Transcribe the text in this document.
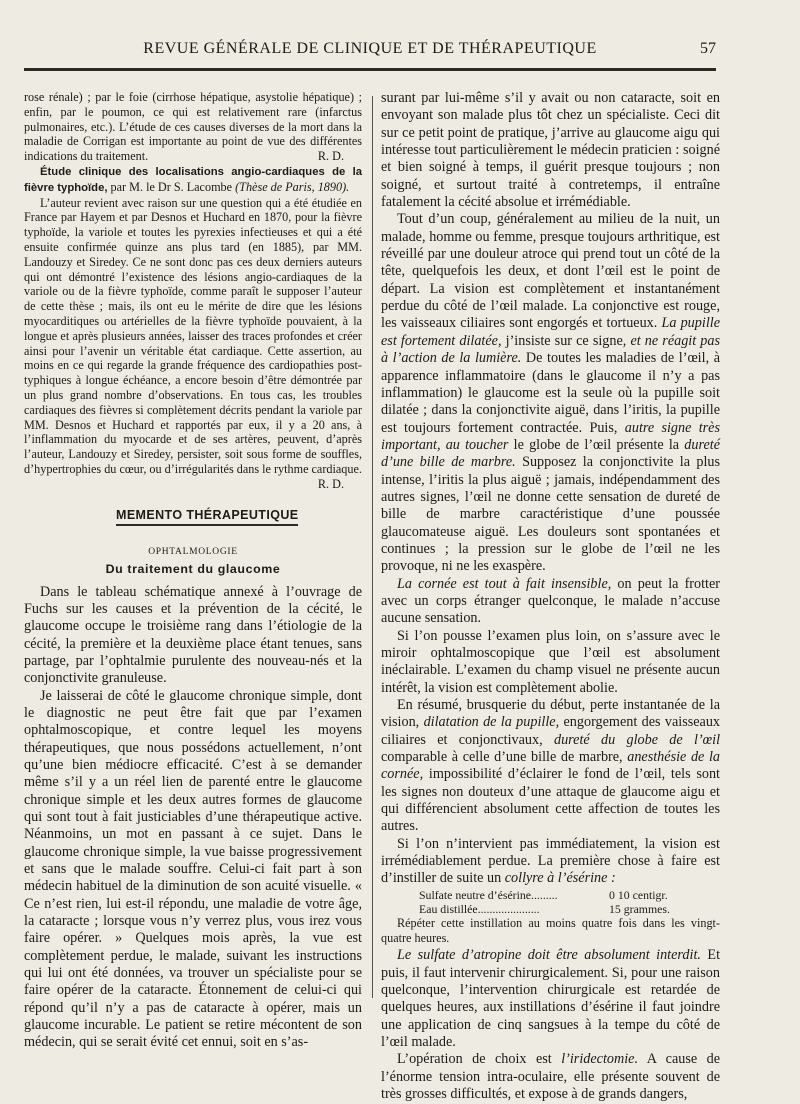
REVUE GÉNÉRALE DE CLINIQUE ET DE THÉRAPEUTIQUE	57

rose rénale) ; par le foie (cirrhose hépatique, asystolie hépatique) ; enfin, par le poumon, ce qui est relativement rare (infarctus pulmonaires, etc.). L’étude de ces causes diverses de la mort dans la maladie de Corrigan est importante au point de vue des différentes indications du traitement.	R. D.

Étude clinique des localisations angio-cardiaques de la fièvre typhoïde, par M. le Dr S. Lacombe (Thèse de Paris, 1890).

L’auteur revient avec raison sur une question qui a été étudiée en France par Hayem et par Desnos et Huchard en 1870, pour la fièvre typhoïde, la variole et toutes les pyrexies infectieuses et qui a été ensuite confirmée quinze ans plus tard (en 1885), par MM. Landouzy et Siredey. Ce ne sont donc pas ces deux derniers auteurs qui ont démontré l’existence des lésions angio-cardiaques de la variole ou de la fièvre typhoïde, comme paraît le supposer l’auteur de cette thèse ; mais, ils ont eu le mérite de dire que les lésions myocarditiques ou artérielles de la fièvre typhoïde pouvaient, à la longue et après plusieurs années, laisser des traces profondes et créer ainsi pour l’avenir un véritable état cardiaque. Cette assertion, au moins en ce qui regarde la grande fréquence des cardiopathies post-typhiques à longue échéance, a encore besoin d’être démontrée par un plus grand nombre d’observations. En tous cas, les troubles cardiaques des fièvres si complètement décrits pendant la variole par MM. Desnos et Huchard et rapportés par eux, il y a 20 ans, à l’inflammation du myocarde et de ses artères, peuvent, d’après l’auteur, Landouzy et Siredey, persister, soit sous forme de souffles, d’hypertrophies du cœur, ou d’irrégularités dans le rythme cardiaque.
R. D.

MEMENTO THÉRAPEUTIQUE
OPHTALMOLOGIE
Du traitement du glaucome

Dans le tableau schématique annexé à l’ouvrage de Fuchs sur les causes et la prévention de la cécité, le glaucome occupe le troisième rang dans l’étiologie de la cécité, la première et la deuxième place étant tenues, sans partage, par l’ophtalmie purulente des nouveau-nés et la conjonctivite granuleuse.

Je laisserai de côté le glaucome chronique simple, dont le diagnostic ne peut être fait que par l’examen ophtalmoscopique, et contre lequel les moyens thérapeutiques, que nous possédons actuellement, n’ont qu’une bien médiocre efficacité. C’est à se demander même s’il y a un réel lien de parenté entre le glaucome chronique simple et les deux autres formes de glaucome qui sont tout à fait justiciables d’une thérapeutique active. Néanmoins, un mot en passant à ce sujet. Dans le glaucome chronique simple, la vue baisse progressivement et sans que le malade souffre. Celui-ci fait part à son médecin habituel de la diminution de son acuité visuelle. « Ce n’est rien, lui est-il répondu, une maladie de votre âge, la cataracte ; lorsque vous n’y verrez plus, vous irez vous faire opérer. » Quelques mois après, la vue est complètement perdue, le malade, suivant les instructions qui lui ont été données, va trouver un spécialiste pour se faire opérer de la cataracte. Étonnement de celui-ci qui répond qu’il n’y a pas de cataracte à opérer, mais un glaucome incurable. Le patient se retire mécontent de son médecin, qui se serait évité cet ennui, soit en s’as-

surant par lui-même s’il y avait ou non cataracte, soit en envoyant son malade plus tôt chez un spécialiste. Ceci dit sur ce petit point de pratique, j’arrive au glaucome aigu qui intéresse tout particulièrement le médecin praticien : soigné et bien soigné à temps, il guérit presque toujours ; non soigné, et surtout traité à contretemps, il entraîne fatalement la cécité absolue et irrémédiable.

Tout d’un coup, généralement au milieu de la nuit, un malade, homme ou femme, presque toujours arthritique, est réveillé par une douleur atroce qui prend tout un côté de la tête, quelquefois les deux, et dont l’œil est le point de départ. La vision est complètement et instantanément perdue du côté de l’œil malade. La conjonctive est rouge, les vaisseaux ciliaires sont engorgés et tortueux. La pupille est fortement dilatée, j’insiste sur ce signe, et ne réagit pas à l’action de la lumière. De toutes les maladies de l’œil, à apparence inflammatoire (dans le glaucome il n’y a pas inflammation) le glaucome est la seule où la pupille soit dilatée ; dans la conjonctivite aiguë, dans l’iritis, la pupille est toujours fortement contractée. Puis, autre signe très important, au toucher le globe de l’œil présente la dureté d’une bille de marbre. Supposez la conjonctivite la plus intense, l’iritis la plus aiguë ; jamais, indépendamment des autres signes, l’œil ne donne cette sensation de dureté de bille de marbre caractéristique d’une poussée glaucomateuse aiguë. Les douleurs sont spontanées et continues ; la pression sur le globe de l’œil ne les provoque, ni ne les exaspère.

La cornée est tout à fait insensible, on peut la frotter avec un corps étranger quelconque, le malade n’accuse aucune sensation.

Si l’on pousse l’examen plus loin, on s’assure avec le miroir ophtalmoscopique que l’œil est absolument inéclairable. L’examen du champ visuel ne présente aucun intérêt, la vision est complètement abolie.

En résumé, brusquerie du début, perte instantanée de la vision, dilatation de la pupille, engorgement des vaisseaux ciliaires et conjonctivaux, dureté du globe de l’œil comparable à celle d’une bille de marbre, anesthésie de la cornée, impossibilité d’éclairer le fond de l’œil, tels sont les signes non douteux d’une attaque de glaucome aigu et qui différencient absolument cette affection de toutes les autres.

Si l’on n’intervient pas immédiatement, la vision est irrémédiablement perdue. La première chose à faire est d’instiller de suite un collyre à l’ésérine :

Sulfate neutre d’ésérine.........	0 10 centigr.
Eau distillée.....................	15 grammes.

Répéter cette instillation au moins quatre fois dans les vingt-quatre heures.

Le sulfate d’atropine doit être absolument interdit. Et puis, il faut intervenir chirurgicalement. Si, pour une raison quelconque, l’intervention chirurgicale est retardée de quelques heures, aux instillations d’ésérine il faut joindre une application de cinq sangsues à la tempe du côté de l’œil malade.

L’opération de choix est l’iridectomie. A cause de l’énorme tension intra-oculaire, elle présente souvent de très grosses difficultés, et expose à de grands dangers,
